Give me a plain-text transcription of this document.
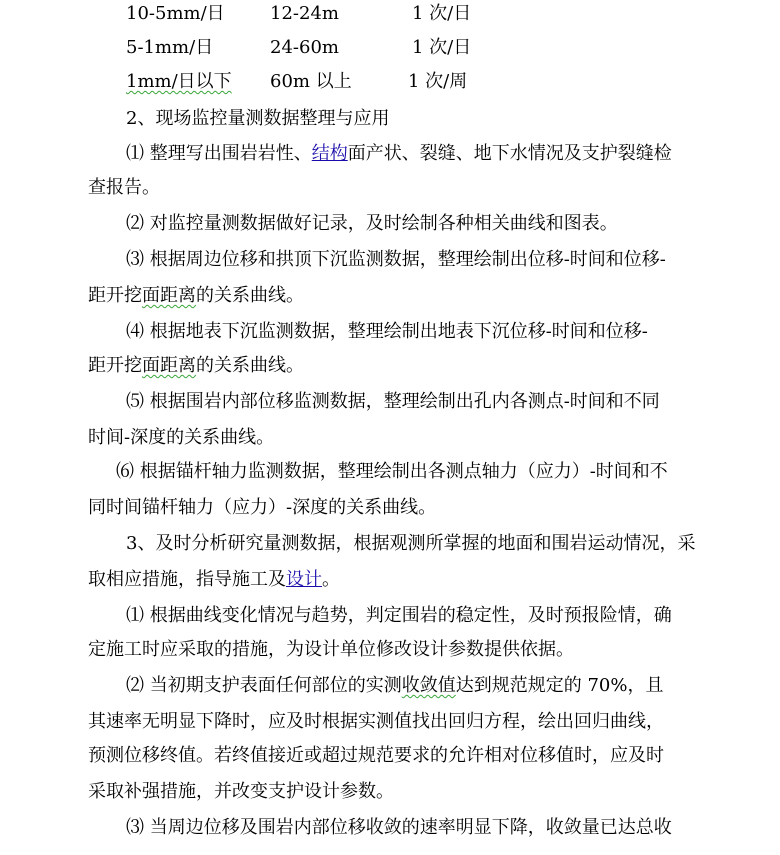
10-5mm/日	12-24m	1 次/日
5-1mm/日	24-60m	1 次/日
1mm/日以下 60m 以上	1 次/周
2、现场监控量测数据整理与应用
⑴ 整理写出围岩岩性、结构面产状、裂缝、地下水情况及支护裂缝检
查报告。
⑵ 对监控量测数据做好记录，及时绘制各种相关曲线和图表。
⑶ 根据周边位移和拱顶下沉监测数据，整理绘制出位移-时间和位移-
距开挖面距离的关系曲线。
⑷ 根据地表下沉监测数据，整理绘制出地表下沉位移-时间和位移-
距开挖面距离的关系曲线。
⑸ 根据围岩内部位移监测数据，整理绘制出孔内各测点-时间和不同
时间-深度的关系曲线。
⑹ 根据锚杆轴力监测数据，整理绘制出各测点轴力（应力）-时间和不
同时间锚杆轴力（应力）-深度的关系曲线。
3、及时分析研究量测数据，根据观测所掌握的地面和围岩运动情况，采
取相应措施，指导施工及设计。
⑴ 根据曲线变化情况与趋势，判定围岩的稳定性，及时预报险情，确
定施工时应采取的措施，为设计单位修改设计参数提供依据。
⑵ 当初期支护表面任何部位的实测收敛值达到规范规定的 70%，且
其速率无明显下降时，应及时根据实测值找出回归方程，绘出回归曲线，
预测位移终值。若终值接近或超过规范要求的允许相对位移值时，应及时
采取补强措施，并改变支护设计参数。
⑶ 当周边位移及围岩内部位移收敛的速率明显下降，收敛量已达总收
